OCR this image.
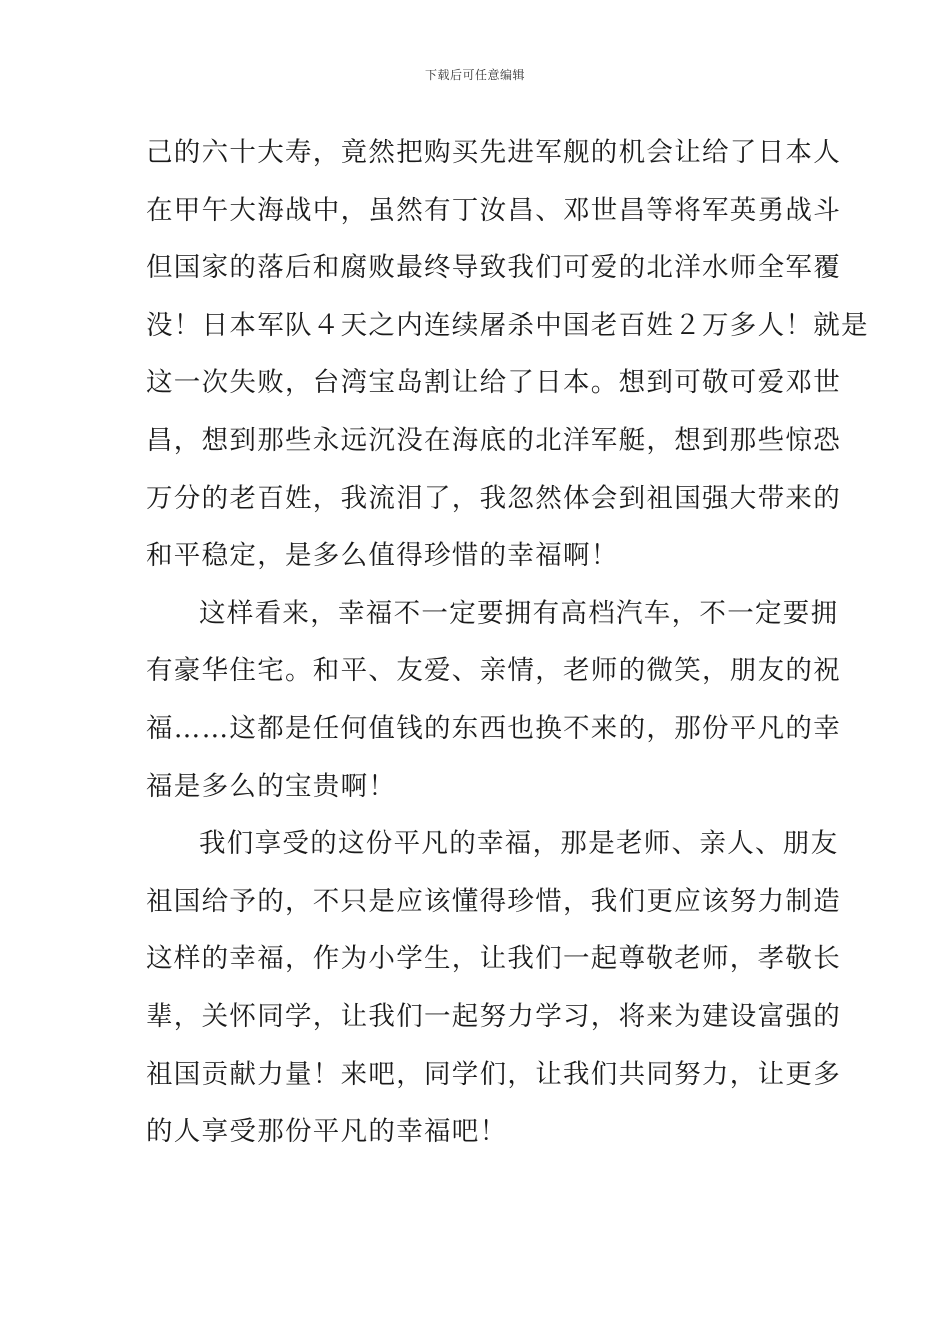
下载后可任意编辑
己的六十大寿，竟然把购买先进军舰的机会让给了日本人
在甲午大海战中，虽然有丁汝昌、邓世昌等将军英勇战斗
但国家的落后和腐败最终导致我们可爱的北洋水师全军覆
没！日本军队４天之内连续屠杀中国老百姓２万多人！就是
这一次失败，台湾宝岛割让给了日本。想到可敬可爱邓世
昌，想到那些永远沉没在海底的北洋军艇，想到那些惊恐
万分的老百姓，我流泪了，我忽然体会到祖国强大带来的
和平稳定，是多么值得珍惜的幸福啊！
这样看来，幸福不一定要拥有高档汽车，不一定要拥
有豪华住宅。和平、友爱、亲情，老师的微笑，朋友的祝
福……这都是任何值钱的东西也换不来的，那份平凡的幸
福是多么的宝贵啊！
我们享受的这份平凡的幸福，那是老师、亲人、朋友
祖国给予的，不只是应该懂得珍惜，我们更应该努力制造
这样的幸福，作为小学生，让我们一起尊敬老师，孝敬长
辈，关怀同学，让我们一起努力学习，将来为建设富强的
祖国贡献力量！来吧，同学们，让我们共同努力，让更多
的人享受那份平凡的幸福吧！
